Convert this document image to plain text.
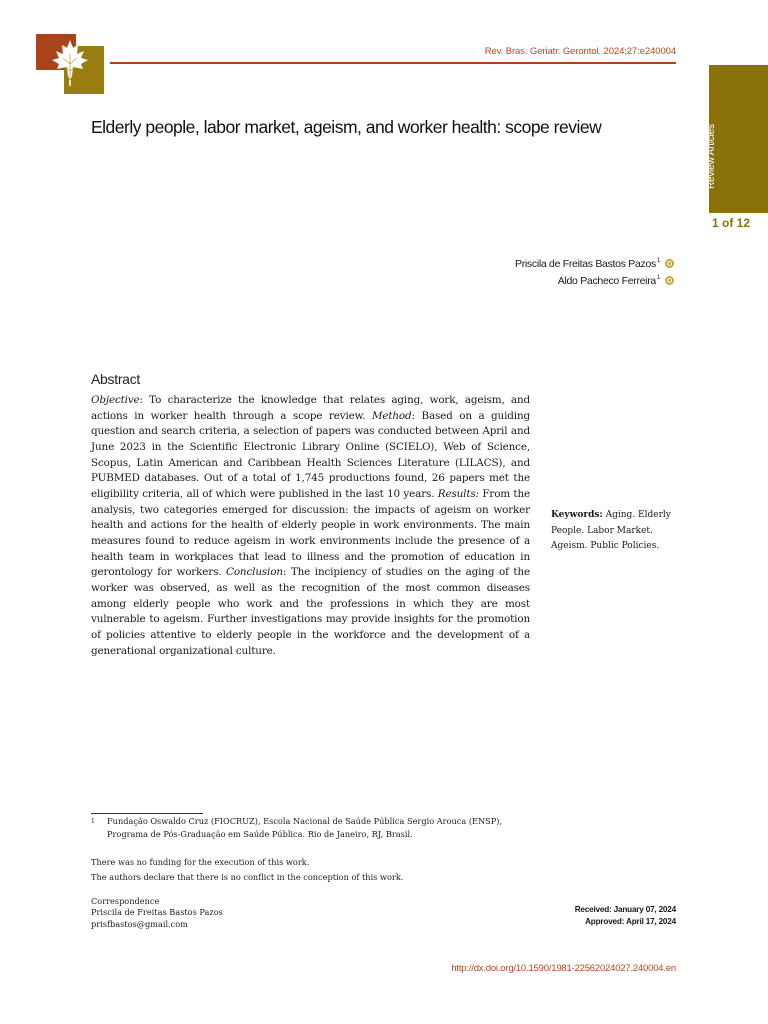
Rev. Bras. Geriatr. Gerontol. 2024;27:e240004
Review Articles
1 of 12
Elderly people, labor market, ageism, and worker health: scope review
Priscila de Freitas Bastos Pazos$^1$
Aldo Pacheco Ferreira$^1$
Abstract
Objective: To characterize the knowledge that relates aging, work, ageism, and actions in worker health through a scope review. Method: Based on a guiding question and search criteria, a selection of papers was conducted between April and June 2023 in the Scientific Electronic Library Online (SCIELO), Web of Science, Scopus, Latin American and Caribbean Health Sciences Literature (LILACS), and PUBMED databases. Out of a total of 1,745 productions found, 26 papers met the eligibility criteria, all of which were published in the last 10 years. Results: From the analysis, two categories emerged for discussion: the impacts of ageism on worker health and actions for the health of elderly people in work environments. The main measures found to reduce ageism in work environments include the presence of a health team in workplaces that lead to illness and the promotion of education in gerontology for workers. Conclusion: The incipiency of studies on the aging of the worker was observed, as well as the recognition of the most common diseases among elderly people who work and the professions in which they are most vulnerable to ageism. Further investigations may provide insights for the promotion of policies attentive to elderly people in the workforce and the development of a generational organizational culture.
Keywords: Aging. Elderly People. Labor Market. Ageism. Public Policies.
1 Fundação Oswaldo Cruz (FIOCRUZ), Escola Nacional de Saúde Pública Sergio Arouca (ENSP), Programa de Pós-Graduação em Saúde Pública. Rio de Janeiro, RJ, Brasil.
There was no funding for the execution of this work.
The authors declare that there is no conflict in the conception of this work.
Correspondence
Priscila de Freitas Bastos Pazos
prisfbastos@gmail.com
Received: January 07, 2024
Approved: April 17, 2024
http://dx.doi.org/10.1590/1981-22562024027.240004.en
